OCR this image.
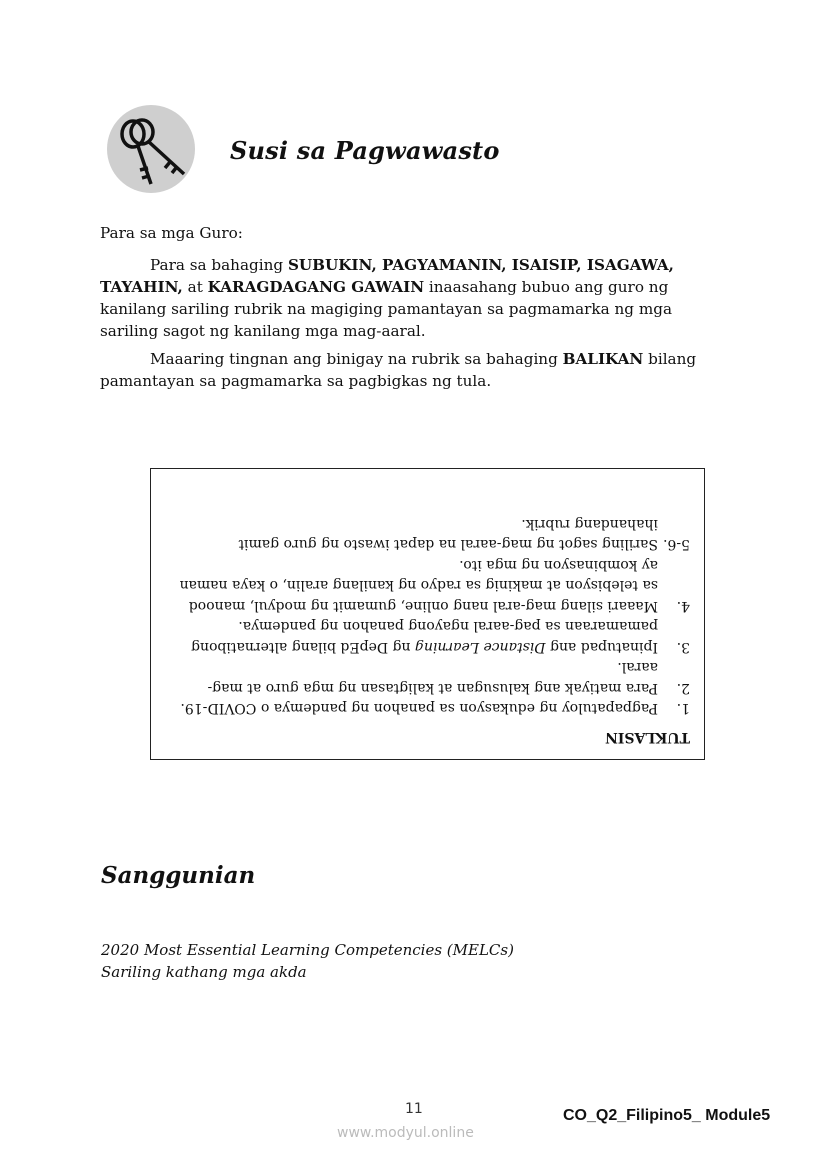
Susi sa Pagwawasto
Para sa mga Guro:
Para sa bahaging SUBUKIN, PAGYAMANIN, ISAISIP, ISAGAWA, TAYAHIN, at KARAGDAGANG GAWAIN inaasahang bubuo ang guro ng kanilang sariling rubrik na magiging pamantayan sa pagmamarka ng mga sariling sagot ng kanilang mga mag-aaral.
Maaaring tingnan ang binigay na rubrik sa bahaging BALIKAN bilang pamantayan sa pagmamarka sa pagbigkas ng tula.
TUKLASIN
1.
Pagpapatuloy ng edukasyon sa panahon ng pandemya o COVID-19.
2.
Para matiyak ang kalusugan at kaligtasan ng mga guro at mag-aaral.
3.
Ipinatupad ang Distance Learning ng DepEd bilang alternatibong pamamaraan sa pag-aaral ngayong panahon ng pandemya.
4.
Maaari silang mag-aral nang online, gumamit ng modyul, manood sa telebisyon at makinig sa radyo ng kanilang aralin, o kaya naman ay kombinasyon ng mga ito.
5-6.
Sariling sagot ng mag-aaral na dapat iwasto ng guro gamit ihahandang rubrik.
Sanggunian
2020 Most Essential Learning Competencies (MELCs)
Sariling kathang mga akda
11	CO_Q2_Filipino5_ Module5
www.modyul.online
